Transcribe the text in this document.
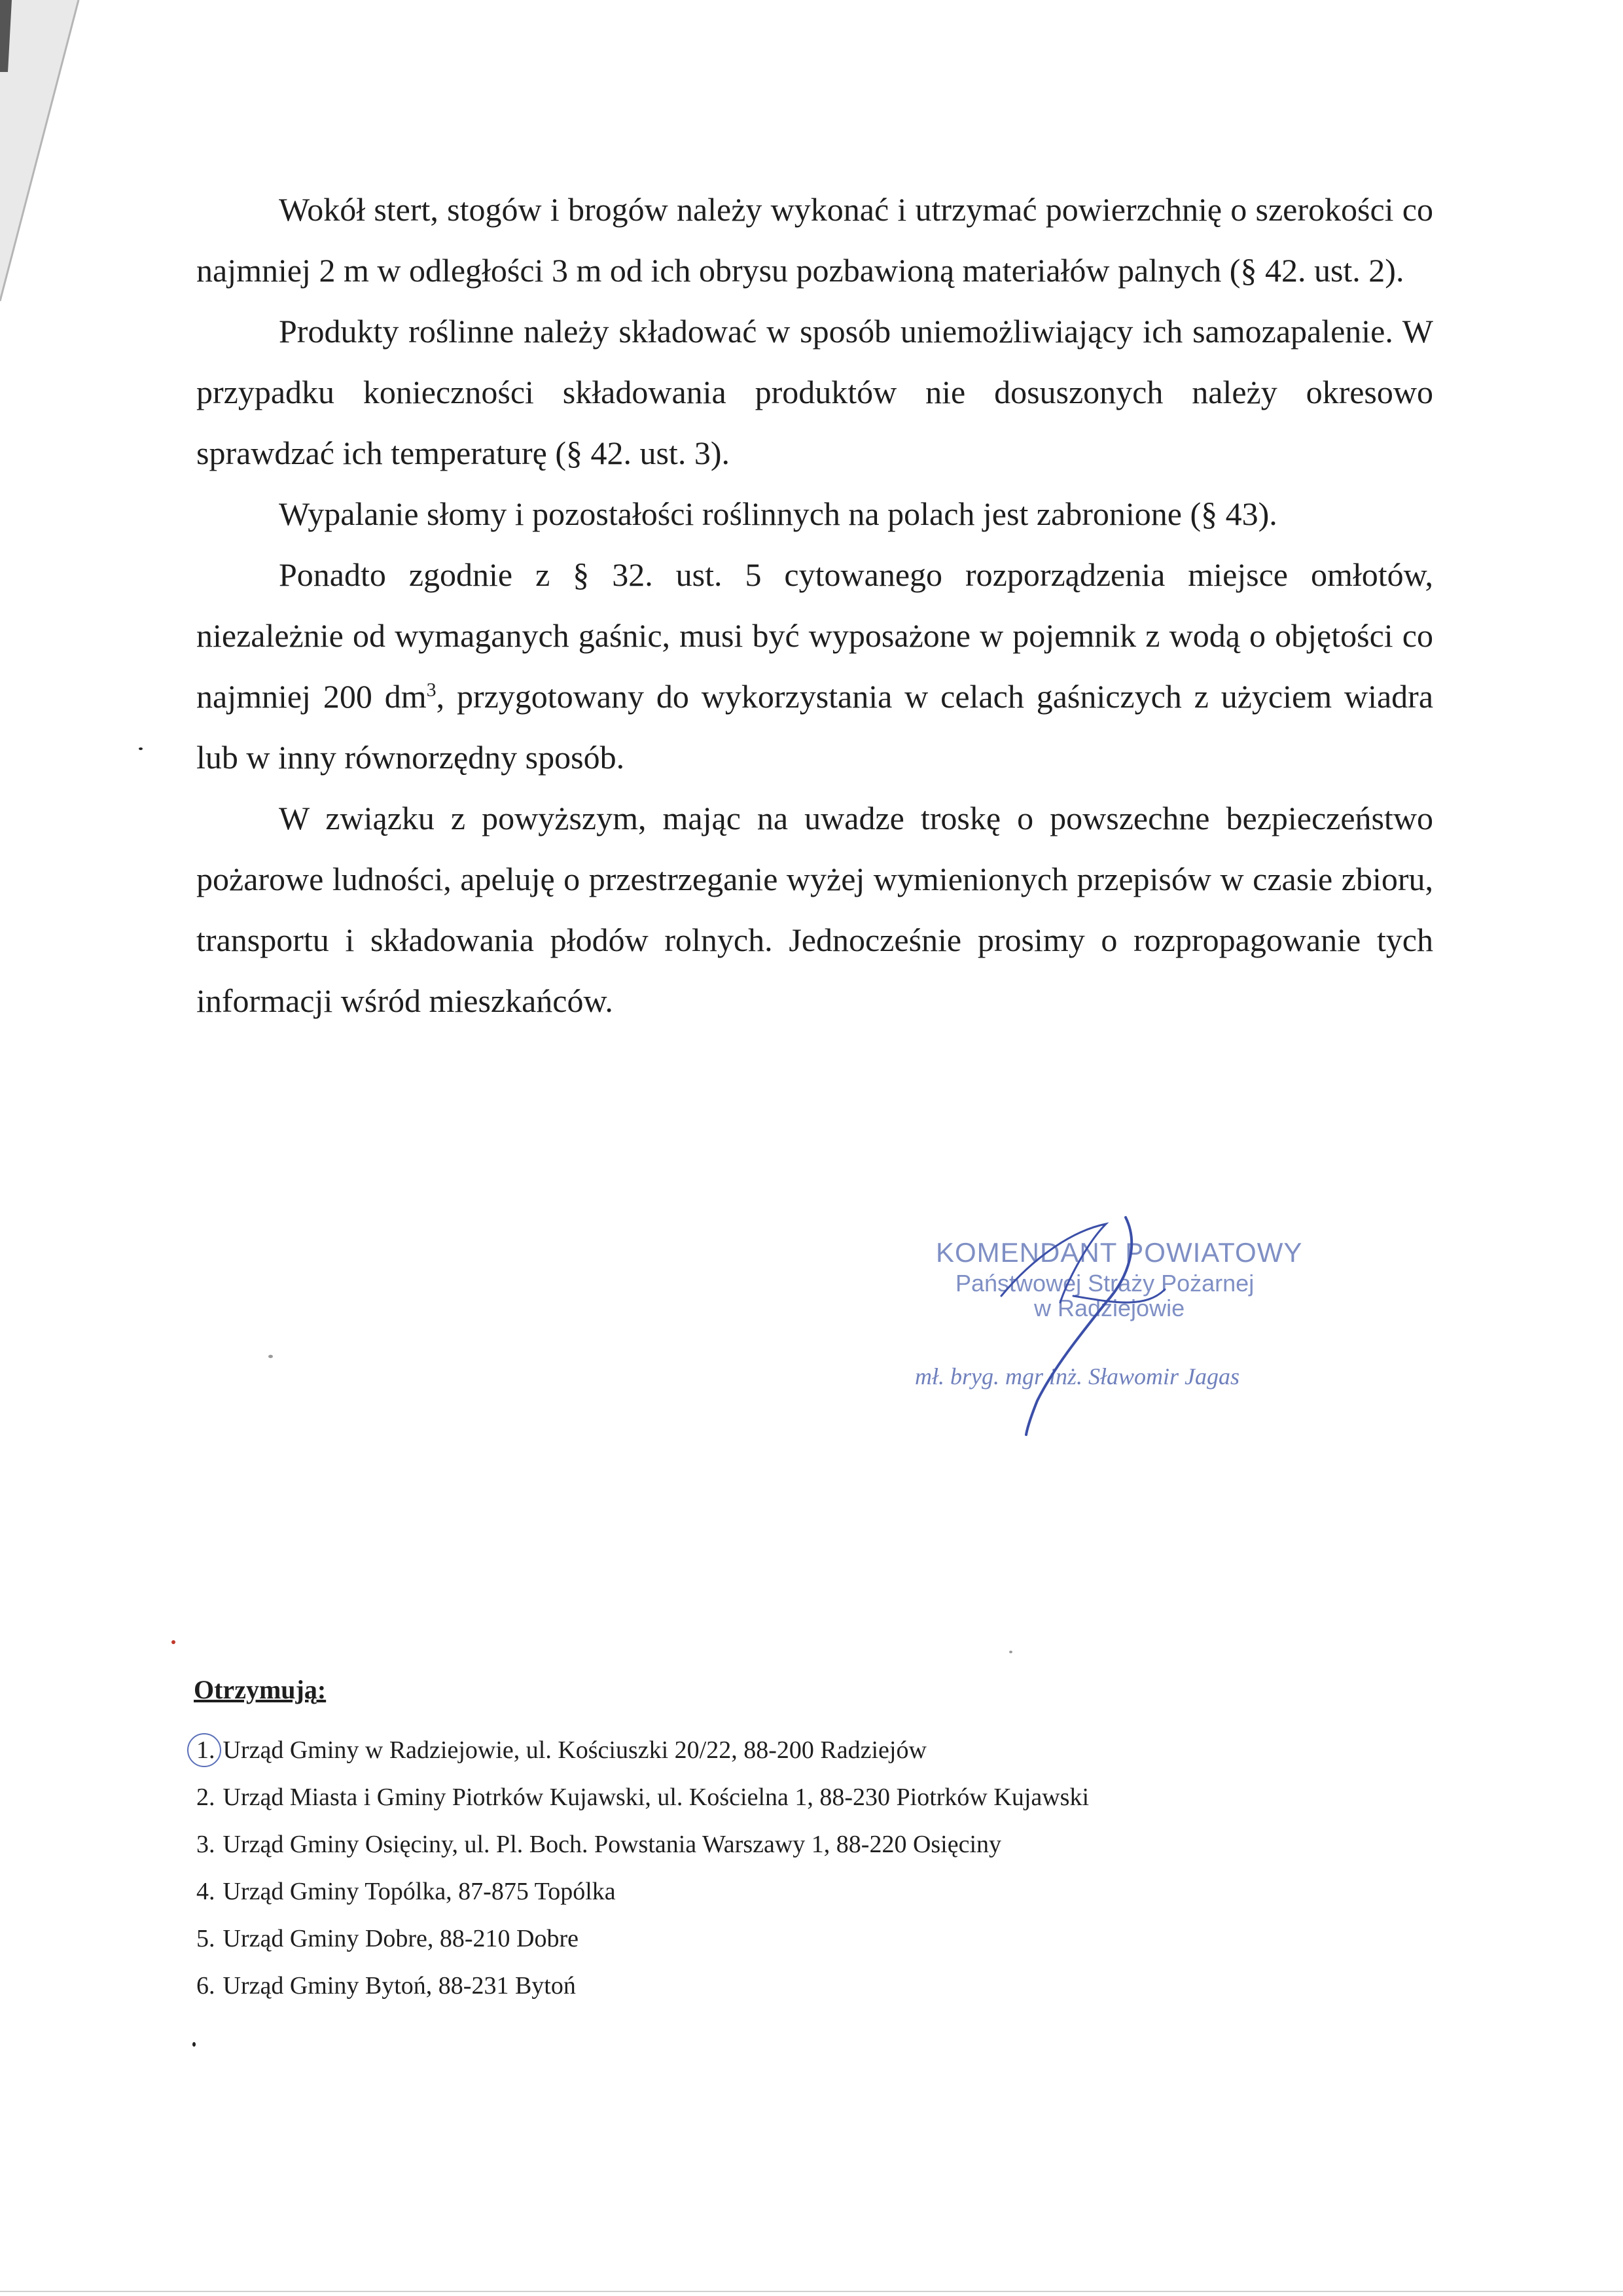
Wokół stert, stogów i brogów należy wykonać i utrzymać powierzchnię o szerokości co najmniej 2 m w odległości 3 m od ich obrysu pozbawioną materiałów palnych (§ 42. ust. 2).

Produkty roślinne należy składować w sposób uniemożliwiający ich samozapalenie. W przypadku konieczności składowania produktów nie dosuszonych należy okresowo sprawdzać ich temperaturę (§ 42. ust. 3).

Wypalanie słomy i pozostałości roślinnych na polach jest zabronione (§ 43).

Ponadto zgodnie z § 32. ust. 5 cytowanego rozporządzenia miejsce omłotów, niezależnie od wymaganych gaśnic, musi być wyposażone w pojemnik z wodą o objętości co najmniej 200 $dm^3$, przygotowany do wykorzystania w celach gaśniczych z użyciem wiadra lub w inny równorzędny sposób.

W związku z powyższym, mając na uwadze troskę o powszechne bezpieczeństwo pożarowe ludności, apeluję o przestrzeganie wyżej wymienionych przepisów w czasie zbioru, transportu i składowania płodów rolnych. Jednocześnie prosimy o rozpropagowanie tych informacji wśród mieszkańców.

KOMENDANT POWIATOWY
Państwowej Straży Pożarnej
w Radziejowie
mł. bryg. mgr inż. Sławomir Jagas
Otrzymują:
1. Urząd Gminy w Radziejowie, ul. Kościuszki 20/22, 88-200 Radziejów
2. Urząd Miasta i Gminy Piotrków Kujawski, ul. Kościelna 1, 88-230 Piotrków Kujawski
3. Urząd Gminy Osięciny, ul. Pl. Boch. Powstania Warszawy 1, 88-220 Osięciny
4. Urząd Gminy Topólka, 87-875 Topólka
5. Urząd Gminy Dobre, 88-210 Dobre
6. Urząd Gminy Bytoń, 88-231 Bytoń
